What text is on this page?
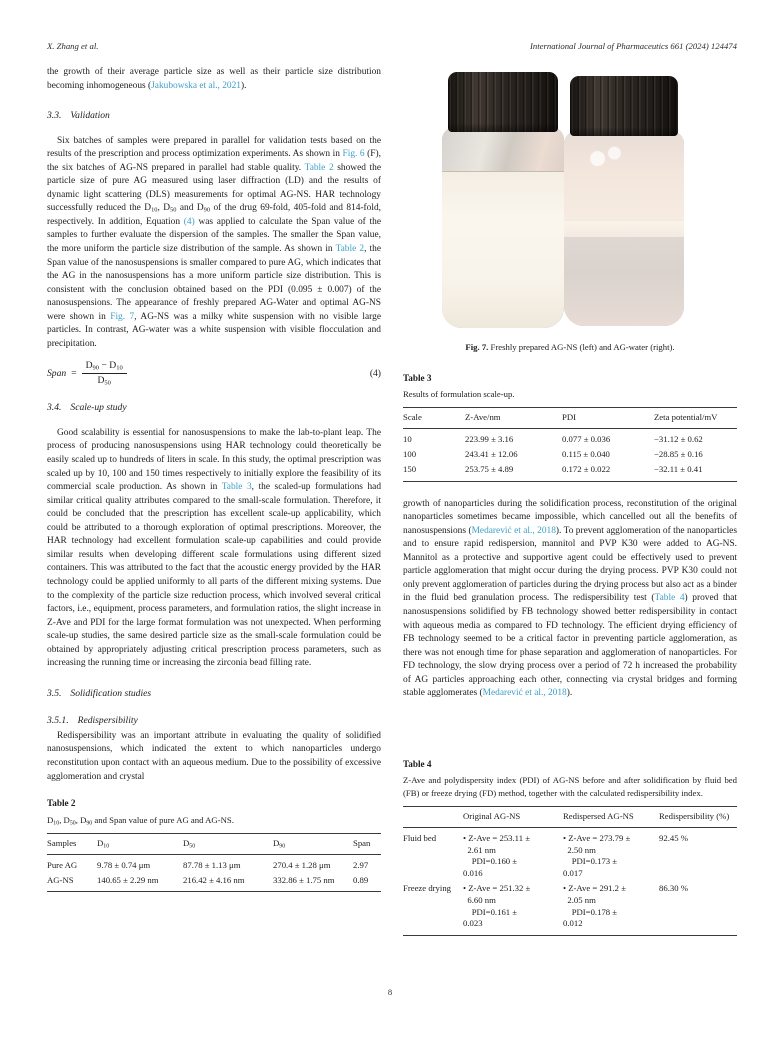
X. Zhang et al.	International Journal of Pharmaceutics 661 (2024) 124474

the growth of their average particle size as well as their particle size distribution becoming inhomogeneous (Jakubowska et al., 2021).

3.3. Validation

Six batches of samples were prepared in parallel for validation tests based on the results of the prescription and process optimization experiments. As shown in Fig. 6 (F), the six batches of AG-NS prepared in parallel had stable quality. Table 2 showed the particle size of pure AG measured using laser diffraction (LD) and the results of dynamic light scattering (DLS) measurements for optimal AG-NS. HAR technology successfully reduced the $D_{10}$, $D_{50}$ and $D_{90}$ of the drug 69-fold, 405-fold and 814-fold, respectively. In addition, Equation (4) was applied to calculate the Span value of the samples to further evaluate the dispersion of the samples. The smaller the Span value, the more uniform the particle size distribution of the sample. As shown in Table 2, the Span value of the nanosuspensions is smaller compared to pure AG, which indicates that the AG in the nanosuspensions has a more uniform particle size distribution. This is consistent with the conclusion obtained based on the PDI (0.095 ± 0.007) of the nanosuspensions. The appearance of freshly prepared AG-Water and optimal AG-NS were shown in Fig. 7, AG-NS was a milky white suspension with no visible large particles. In contrast, AG-water was a white suspension with visible flocculation and precipitation.

Span = $\frac{D_{90} - D_{10}}{D_{50}}$	(4)
3.4. Scale-up study

Good scalability is essential for nanosuspensions to make the lab-to-plant leap. The process of producing nanosuspensions using HAR technology could theoretically be easily scaled up to hundreds of liters in scale. In this study, the optimal prescription was scaled up by 10, 100 and 150 times respectively to initially explore the feasibility of its commercial scale production. As shown in Table 3, the scaled-up formulations had similar critical quality attributes compared to the small-scale formulation. Therefore, it could be concluded that the prescription has excellent scale-up applicability, which could be attributed to a thorough exploration of optimal prescriptions. Moreover, the HAR technology had excellent formulation scale-up capabilities and could provide similar results when developing different scale formulations using different sized containers. This was attributed to the fact that the acoustic energy provided by the HAR technology could be applied uniformly to all parts of the different mixing systems. Due to the complexity of the particle size reduction process, which involved several critical factors, i.e., equipment, process parameters, and formulation ratios, the slight increase in Z-Ave and PDI for the large format formulation was not unexpected. When performing scale-up studies, the same desired particle size as the small-scale formulation could be obtained by appropriately adjusting critical prescription process parameters, such as increasing the running time or increasing the zirconia bead filling rate.

3.5. Solidification studies
3.5.1. Redispersibility

Redispersibility was an important attribute in evaluating the quality of solidified nanosuspensions, which indicated the extent to which nanoparticles undergo reconstitution upon contact with an aqueous medium. Due to the possibility of excessive agglomeration and crystal

Table 2
$D_{10}$, $D_{50}$, $D_{90}$ and Span value of pure AG and AG-NS.
Samples	$D_{10}$	$D_{50}$	$D_{90}$	Span
Pure AG	9.78 ± 0.74 μm	87.78 ± 1.13 μm	270.4 ± 1.28 μm	2.97
AG-NS	140.65 ± 2.29 nm	216.42 ± 4.16 nm	332.86 ± 1.75 nm	0.89

Fig. 7. Freshly prepared AG-NS (left) and AG-water (right).

Table 3
Results of formulation scale-up.
Scale	Z-Ave/nm	PDI	Zeta potential/mV
10	223.99 ± 3.16	0.077 ± 0.036	−31.12 ± 0.62
100	243.41 ± 12.06	0.115 ± 0.040	−28.85 ± 0.16
150	253.75 ± 4.89	0.172 ± 0.022	−32.11 ± 0.41

growth of nanoparticles during the solidification process, reconstitution of the original nanoparticles sometimes became impossible, which cancelled out all the benefits of nanosuspensions (Medarević et al., 2018). To prevent agglomeration of the nanoparticles and to ensure rapid redispersion, mannitol and PVP K30 were added to AG-NS. Mannitol as a protective and supportive agent could be effectively used to prevent particle agglomeration that might occur during the drying process. PVP K30 could not only prevent agglomeration of particles during the drying process but also act as a binder in the fluid bed granulation process. The redispersibility test (Table 4) proved that nanosuspensions solidified by FB technology showed better redispersibility in contact with aqueous media as compared to FD technology. The efficient drying efficiency of FB technology seemed to be a critical factor in preventing particle agglomeration, as there was not enough time for phase separation and agglomeration of nanoparticles. For FD technology, the slow drying process over a period of 72 h increased the probability of AG particles approaching each other, connecting via crystal bridges and forming stable agglomerates (Medarević et al., 2018).

Table 4
Z-Ave and polydispersity index (PDI) of AG-NS before and after solidification by fluid bed (FB) or freeze drying (FD) method, together with the calculated redispersibility index.
	Original AG-NS	Redispersed AG-NS	Redispersibility (%)
Fluid bed	• Z-Ave = 253.11 ±
2.61 nm
PDI=0.160 ±
0.016	• Z-Ave = 273.79 ±
2.50 nm
PDI=0.173 ±
0.017	92.45 %
Freeze drying	• Z-Ave = 251.32 ±
6.60 nm
PDI=0.161 ±
0.023	• Z-Ave = 291.2 ±
2.05 nm
PDI=0.178 ±
0.012	86.30 %
8
